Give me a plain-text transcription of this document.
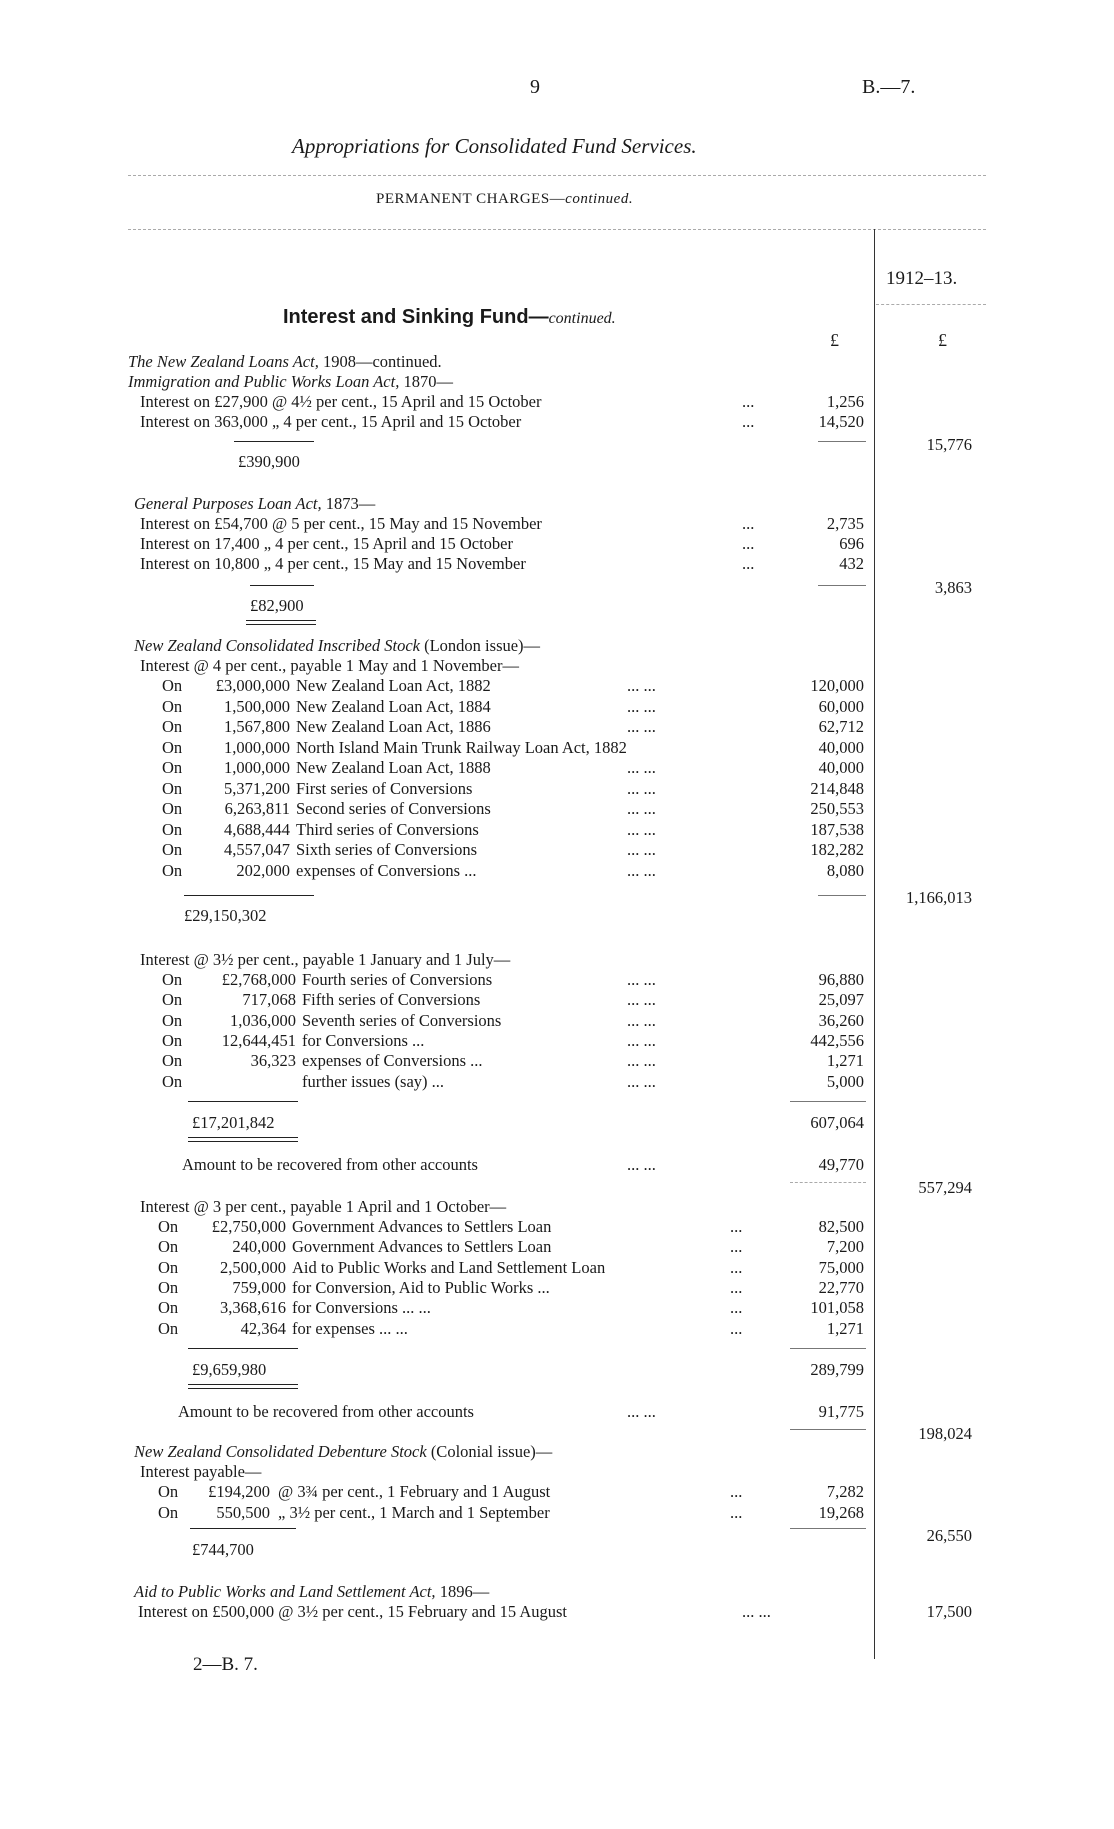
9	B.—7.
Appropriations for Consolidated Fund Services.
PERMANENT CHARGES—continued.
1912–13.
Interest and Sinking Fund—continued.
£	£
The New Zealand Loans Act, 1908—continued.
Immigration and Public Works Loan Act, 1870—
Interest on £27,900 @ 4½ per cent., 15 April and 15 October	...	1,256
Interest on 363,000 „ 4 per cent., 15 April and 15 October	...	14,520
£390,900
15,776
General Purposes Loan Act, 1873—
Interest on £54,700 @ 5 per cent., 15 May and 15 November	...	2,735
Interest on 17,400 „ 4 per cent., 15 April and 15 October	...	696
Interest on 10,800 „ 4 per cent., 15 May and 15 November	...	432
£82,900
3,863
New Zealand Consolidated Inscribed Stock (London issue)—
Interest @ 4 per cent., payable 1 May and 1 November—
On	£3,000,000 New Zealand Loan Act, 1882	... ...	120,000
On	1,500,000 New Zealand Loan Act, 1884	... ...	60,000
On	1,567,800 New Zealand Loan Act, 1886	... ...	62,712
On	1,000,000 North Island Main Trunk Railway Loan Act, 1882	40,000
On	1,000,000 New Zealand Loan Act, 1888	... ...	40,000
On	5,371,200 First series of Conversions	... ...	214,848
On	6,263,811 Second series of Conversions	... ...	250,553
On	4,688,444 Third series of Conversions	... ...	187,538
On	4,557,047 Sixth series of Conversions	... ...	182,282
On	202,000 expenses of Conversions ...	... ...	8,080
£29,150,302
1,166,013
Interest @ 3½ per cent., payable 1 January and 1 July—
On	£2,768,000 Fourth series of Conversions	... ...	96,880
On	717,068 Fifth series of Conversions	... ...	25,097
On	1,036,000 Seventh series of Conversions	... ...	36,260
On	12,644,451 for Conversions ...	... ...	442,556
On	36,323 expenses of Conversions ...	... ...	1,271
On	further issues (say) ...	... ...	5,000
£17,201,842	607,064
Amount to be recovered from other accounts	... ...	49,770
557,294
Interest @ 3 per cent., payable 1 April and 1 October—
On	£2,750,000 Government Advances to Settlers Loan	...	82,500
On	240,000 Government Advances to Settlers Loan	...	7,200
On	2,500,000 Aid to Public Works and Land Settlement Loan	...	75,000
On	759,000 for Conversion, Aid to Public Works ...	...	22,770
On	3,368,616 for Conversions ... ...	...	101,058
On	42,364 for expenses ... ...	...	1,271
£9,659,980	289,799
Amount to be recovered from other accounts	... ...	91,775
198,024
New Zealand Consolidated Debenture Stock (Colonial issue)—
Interest payable—
On	£194,200 @ 3¾ per cent., 1 February and 1 August	...	7,282
On	550,500 „ 3½ per cent., 1 March and 1 September	...	19,268
£744,700
26,550
Aid to Public Works and Land Settlement Act, 1896—
Interest on £500,000 @ 3½ per cent., 15 February and 15 August	... ...	17,500
2—B. 7.
